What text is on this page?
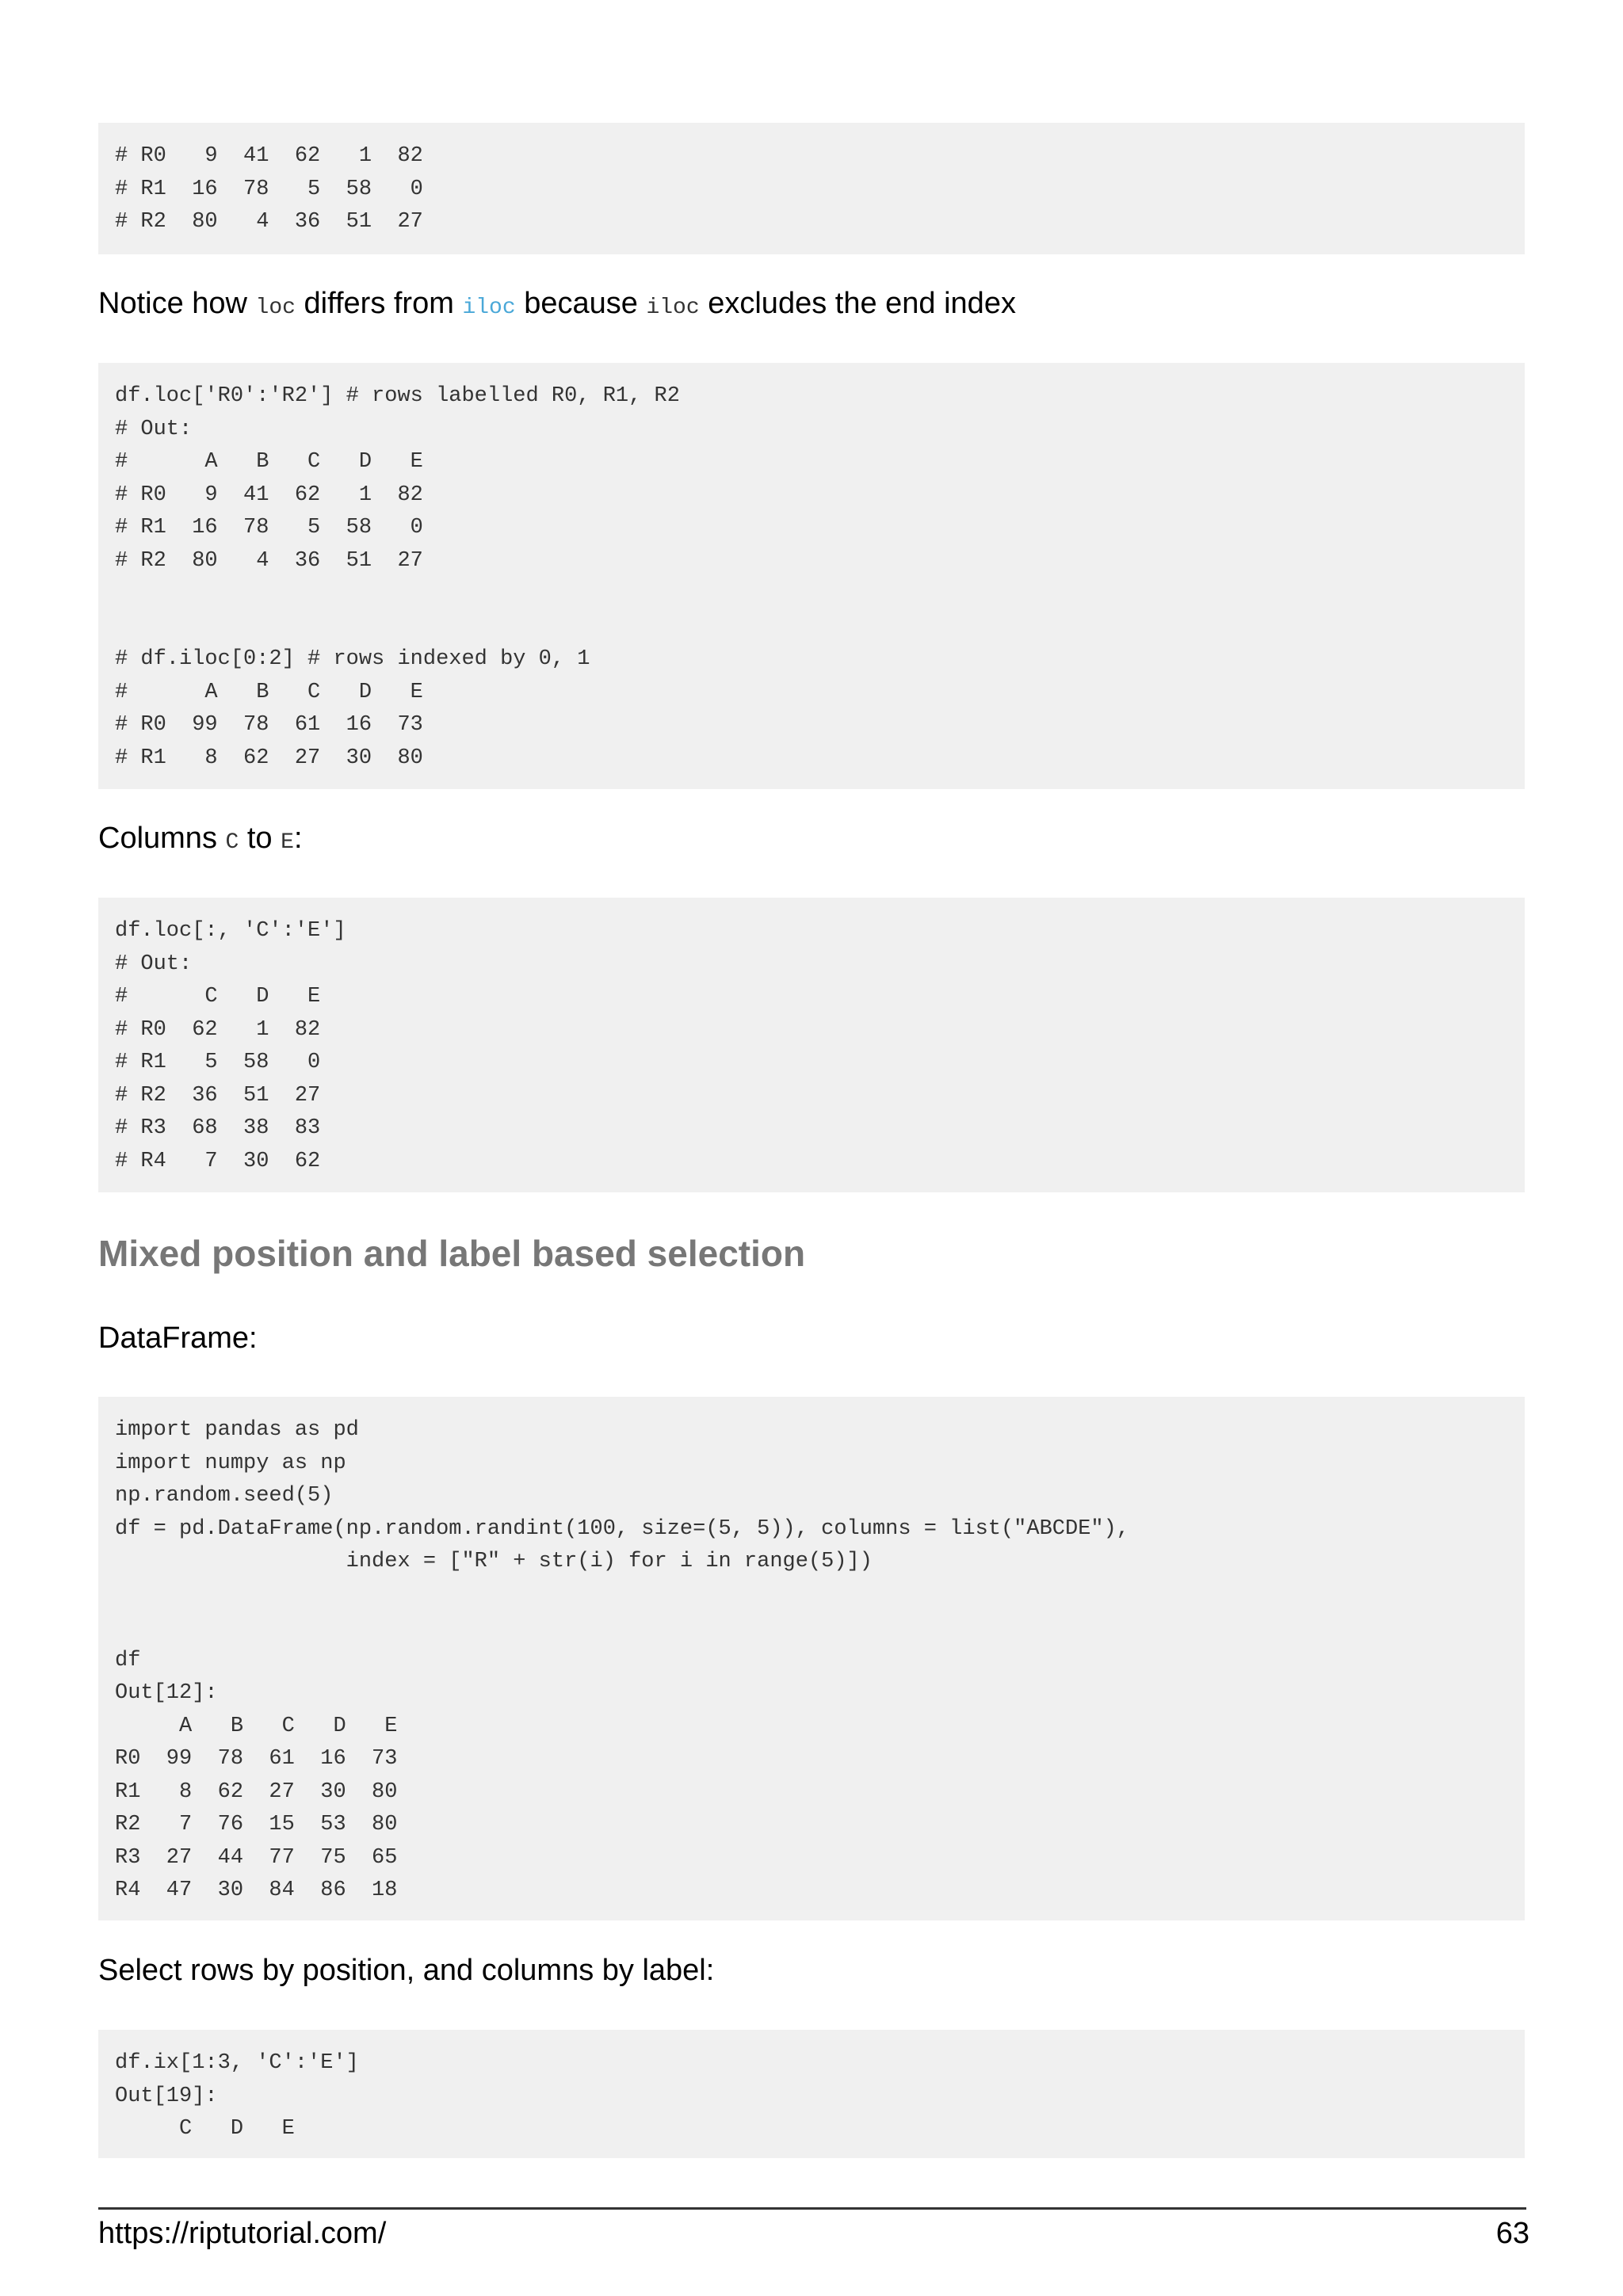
# R0   9  41  62   1  82
# R1  16  78   5  58   0
# R2  80   4  36  51  27

Notice how loc differs from iloc because iloc excludes the end index

df.loc['R0':'R2'] # rows labelled R0, R1, R2
# Out:
#      A   B   C   D   E
# R0   9  41  62   1  82
# R1  16  78   5  58   0
# R2  80   4  36  51  27
# df.iloc[0:2] # rows indexed by 0, 1
#      A   B   C   D   E
# R0  99  78  61  16  73
# R1   8  62  27  30  80

Columns C to E:

df.loc[:, 'C':'E']
# Out:
#      C   D   E
# R0  62   1  82
# R1   5  58   0
# R2  36  51  27
# R3  68  38  83
# R4   7  30  62
Mixed position and label based selection

DataFrame:

import pandas as pd
import numpy as np
np.random.seed(5)
df = pd.DataFrame(np.random.randint(100, size=(5, 5)), columns = list("ABCDE"),
index = ["R" + str(i) for i in range(5)])
df
Out[12]:
A   B   C   D   E
R0  99  78  61  16  73
R1   8  62  27  30  80
R2   7  76  15  53  80
R3  27  44  77  75  65
R4  47  30  84  86  18

Select rows by position, and columns by label:

df.ix[1:3, 'C':'E']
Out[19]:
C   D   E
https://riptutorial.com/	63
